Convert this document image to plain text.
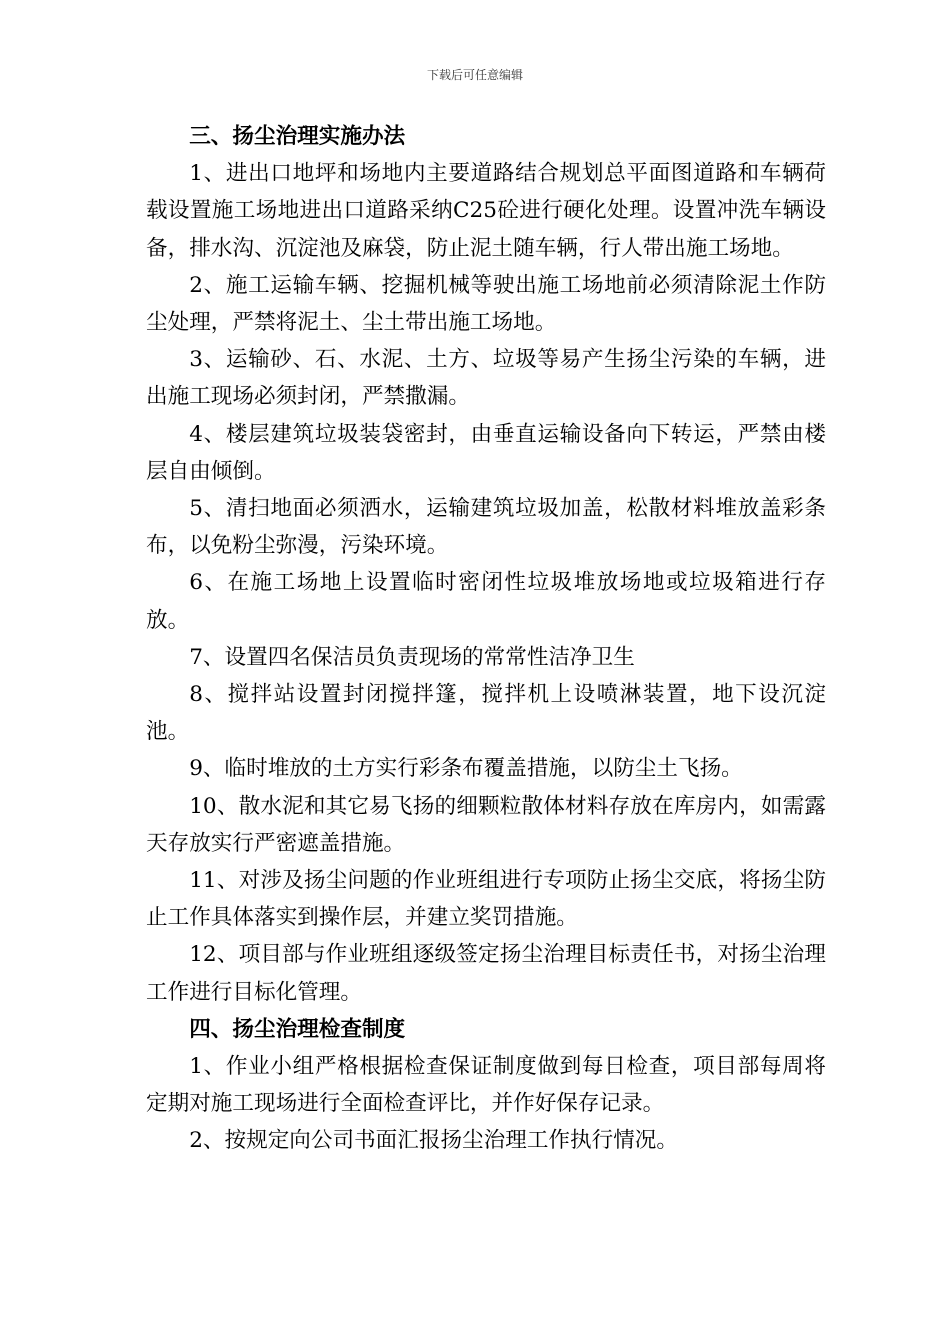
下载后可任意编辑
三、扬尘治理实施办法

1、进出口地坪和场地内主要道路结合规划总平面图道路和车辆荷载设置施工场地进出口道路采纳C25砼进行硬化处理。设置冲洗车辆设备，排水沟、沉淀池及麻袋，防止泥土随车辆，行人带出施工场地。

2、施工运输车辆、挖掘机械等驶出施工场地前必须清除泥土作防尘处理，严禁将泥土、尘土带出施工场地。

3、运输砂、石、水泥、土方、垃圾等易产生扬尘污染的车辆，进出施工现场必须封闭，严禁撒漏。

4、楼层建筑垃圾装袋密封，由垂直运输设备向下转运，严禁由楼层自由倾倒。

5、清扫地面必须洒水，运输建筑垃圾加盖，松散材料堆放盖彩条布，以免粉尘弥漫，污染环境。

6、在施工场地上设置临时密闭性垃圾堆放场地或垃圾箱进行存放。

7、设置四名保洁员负责现场的常常性洁净卫生

8、搅拌站设置封闭搅拌篷，搅拌机上设喷淋装置，地下设沉淀池。

9、临时堆放的土方实行彩条布覆盖措施，以防尘土飞扬。

10、散水泥和其它易飞扬的细颗粒散体材料存放在库房内，如需露天存放实行严密遮盖措施。

11、对涉及扬尘问题的作业班组进行专项防止扬尘交底，将扬尘防止工作具体落实到操作层，并建立奖罚措施。

12、项目部与作业班组逐级签定扬尘治理目标责任书，对扬尘治理工作进行目标化管理。

四、扬尘治理检查制度

1、作业小组严格根据检查保证制度做到每日检查，项目部每周将定期对施工现场进行全面检查评比，并作好保存记录。

2、按规定向公司书面汇报扬尘治理工作执行情况。
